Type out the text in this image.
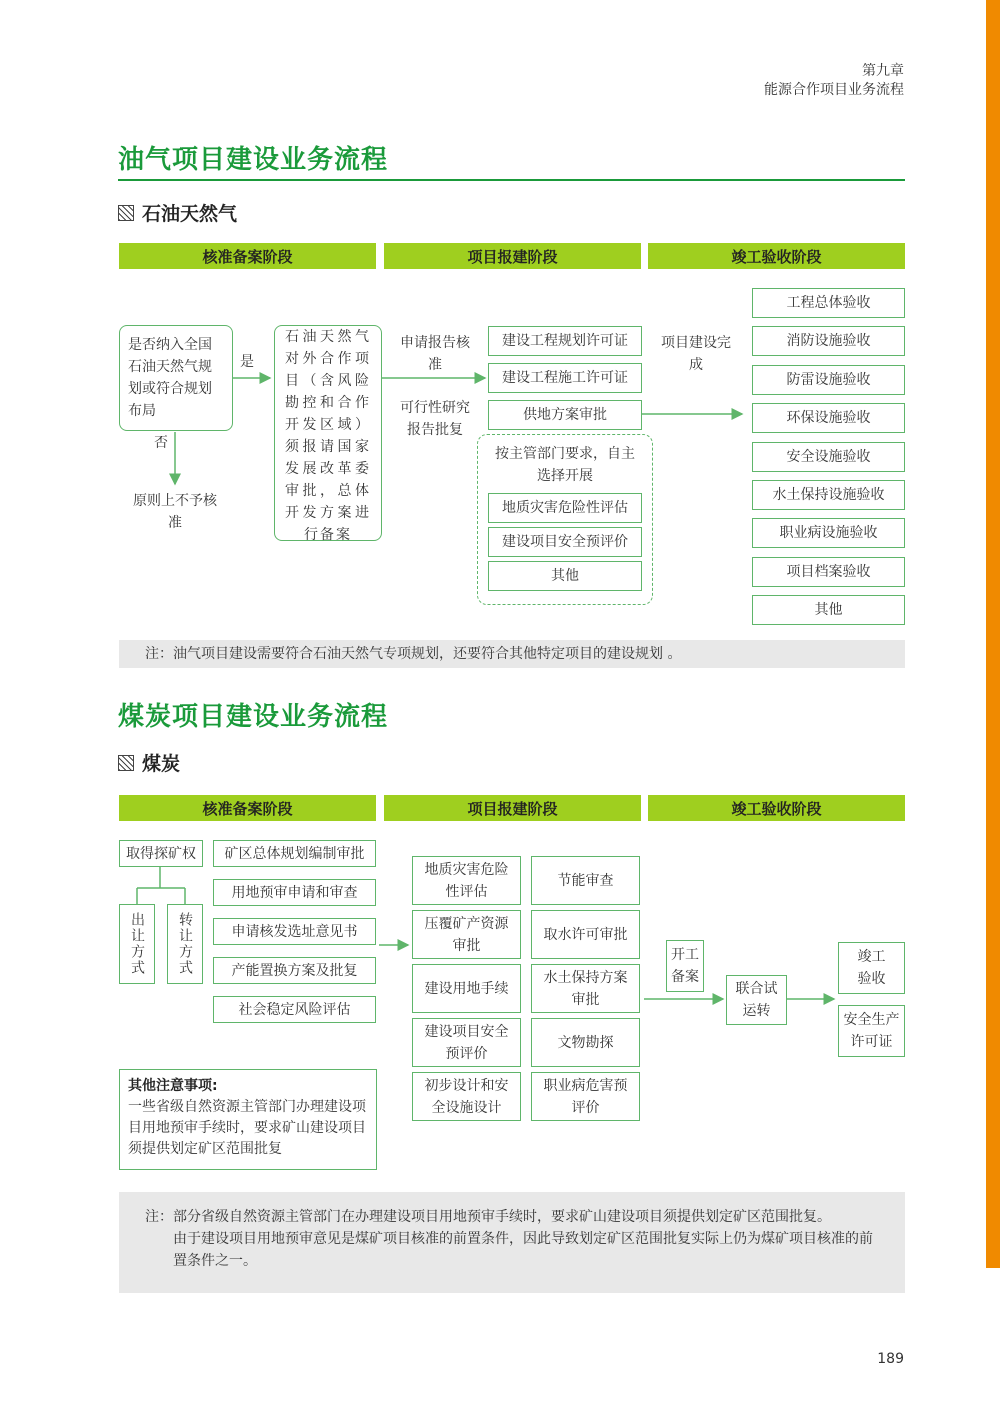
第九章
能源合作项目业务流程
油气项目建设业务流程
石油天然气
核准备案阶段	项目报建阶段	竣工验收阶段
是否纳入全国石油天然气规划或符合规划布局
是
否
原则上不予核准
石油天然气对外合作项目（含风险勘控和合作开发区域）须报请国家发展改革委审批，总体开发方案进行备案
申请报告核准
可行性研究报告批复
建设工程规划许可证
建设工程施工许可证
供地方案审批
按主管部门要求，自主选择开展
地质灾害危险性评估
建设项目安全预评价
其他
项目建设完成
工程总体验收
消防设施验收
防雷设施验收
环保设施验收
安全设施验收
水土保持设施验收
职业病设施验收
项目档案验收
其他
注：油气项目建设需要符合石油天然气专项规划，还要符合其他特定项目的建设规划 。
煤炭项目建设业务流程
煤炭
核准备案阶段	项目报建阶段	竣工验收阶段
取得探矿权
出让方式	转让方式
矿区总体规划编制审批
用地预审申请和审查
申请核发选址意见书
产能置换方案及批复
社会稳定风险评估
其他注意事项:
一些省级自然资源主管部门办理建设项目用地预审手续时，要求矿山建设项目须提供划定矿区范围批复
地质灾害危险性评估
压覆矿产资源审批
建设用地手续
建设项目安全预评价
初步设计和安全设施设计
节能审查
取水许可审批
水土保持方案审批
文物勘探
职业病危害预评价
开工备案
联合试运转
竣工验收
安全生产许可证
注：部分省级自然资源主管部门在办理建设项目用地预审手续时，要求矿山建设项目须提供划定矿区范围批复。
由于建设项目用地预审意见是煤矿项目核准的前置条件，因此导致划定矿区范围批复实际上仍为煤矿项目核准的前置条件之一。
189
